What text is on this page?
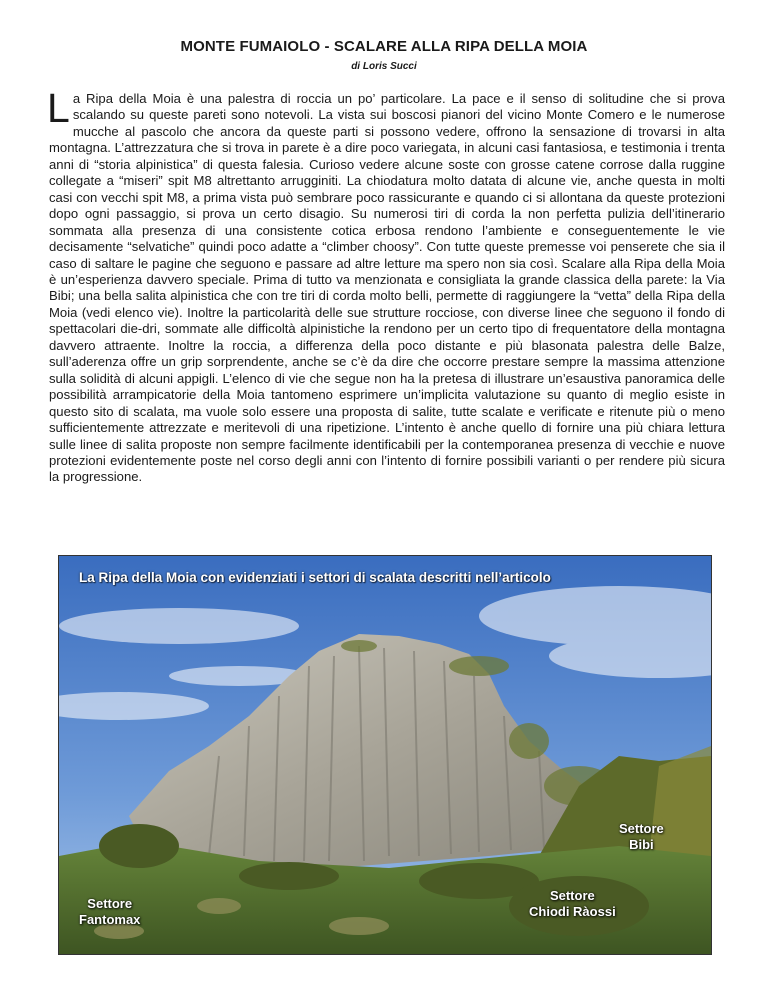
MONTE FUMAIOLO - SCALARE ALLA RIPA DELLA MOIA
di Loris Succi

La Ripa della Moia è una palestra di roccia un po’ particolare. La pace e il senso di solitudine che si prova scalando su queste pareti sono notevoli. La vista sui boscosi pianori del vicino Monte Comero e le numerose mucche al pascolo che ancora da queste parti si possono vedere, offrono la sensazione di trovarsi in alta montagna. L’attrezzatura che si trova in parete è a dire poco variegata, in alcuni casi fantasiosa, e testimonia i trenta anni di “storia alpinistica” di questa falesia. Curioso vedere alcune soste con grosse catene corrose dalla ruggine collegate a “miseri” spit M8 altrettanto arrugginiti. La chiodatura molto datata di alcune vie, anche questa in molti casi con vecchi spit M8, a prima vista può sembrare poco rassicurante e quando ci si allontana da queste protezioni dopo ogni passaggio, si prova un certo disagio. Su numerosi tiri di corda la non perfetta pulizia dell’itinerario sommata alla presenza di una consistente cotica erbosa rendono l’ambiente e conseguentemente le vie decisamente “selvatiche” quindi poco adatte a “climber choosy”. Con tutte queste premesse voi penserete che sia il caso di saltare le pagine che seguono e passare ad altre letture ma spero non sia così. Scalare alla Ripa della Moia è un’esperienza davvero speciale. Prima di tutto va menzionata e consigliata la grande classica della parete: la Via Bibi; una bella salita alpinistica che con tre tiri di corda molto belli, permette di raggiungere la “vetta” della Ripa della Moia (vedi elenco vie). Inoltre la particolarità delle sue strutture rocciose, con diverse linee che seguono il fondo di spettacolari die-dri, sommate alle difficoltà alpinistiche la rendono per un certo tipo di frequentatore della montagna davvero attraente. Inoltre la roccia, a differenza della poco distante e più blasonata palestra delle Balze, sull’aderenza offre un grip sorprendente, anche se c’è da dire che occorre prestare sempre la massima attenzione sulla solidità di alcuni appigli. L’elenco di vie che segue non ha la pretesa di illustrare un’esaustiva panoramica delle possibilità arrampicatorie della Moia tantomeno esprimere un’implicita valutazione su quanto di meglio esiste in questo sito di scalata, ma vuole solo essere una proposta di salite, tutte scalate e verificate e ritenute più o meno sufficientemente attrezzate e meritevoli di una ripetizione. L’intento è anche quello di fornire una più chiara lettura sulle linee di salita proposte non sempre facilmente identificabili per la contemporanea presenza di vecchie e nuove protezioni evidentemente poste nel corso degli anni con l’intento di fornire possibili varianti o per rendere più sicura la progressione.

La Ripa della Moia con evidenziati i settori di scalata descritti nell’articolo
Settore
Bibi
Settore
Fantomax
Settore
Chiodi Ràossi
